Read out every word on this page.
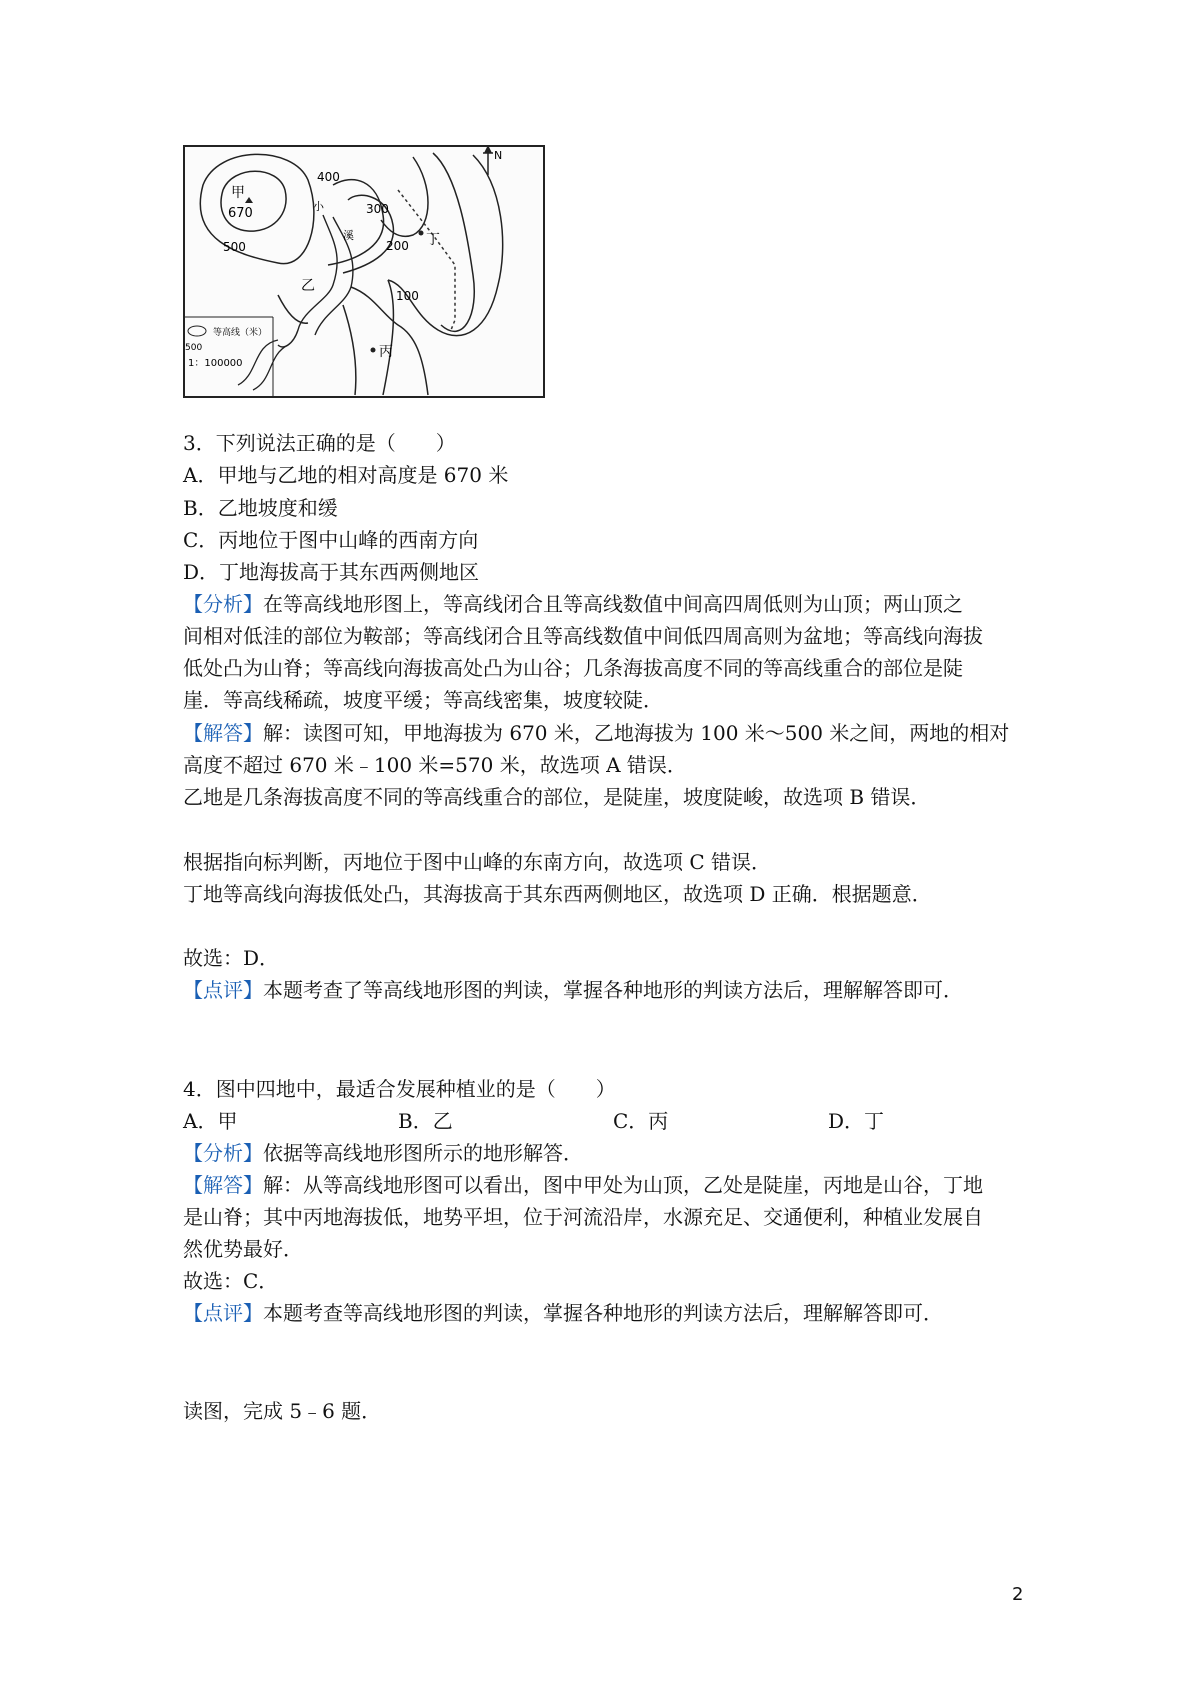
N
甲
670
400
300
200
100
500
小
溪	丁
乙
丙
500
等高线（米）
1：100000
3．下列说法正确的是（　　）
A．甲地与乙地的相对高度是 670 米
B．乙地坡度和缓
C．丙地位于图中山峰的西南方向
D．丁地海拔高于其东西两侧地区
【分析】在等高线地形图上，等高线闭合且等高线数值中间高四周低则为山顶；两山顶之
间相对低洼的部位为鞍部；等高线闭合且等高线数值中间低四周高则为盆地；等高线向海拔
低处凸为山脊；等高线向海拔高处凸为山谷；几条海拔高度不同的等高线重合的部位是陡
崖．等高线稀疏，坡度平缓；等高线密集，坡度较陡．
【解答】解：读图可知，甲地海拔为 670 米，乙地海拔为 100 米～500 米之间，两地的相对
高度不超过 670 米﹣100 米=570 米，故选项 A 错误．
乙地是几条海拔高度不同的等高线重合的部位，是陡崖，坡度陡峻，故选项 B 错误．
根据指向标判断，丙地位于图中山峰的东南方向，故选项 C 错误．
丁地等高线向海拔低处凸，其海拔高于其东西两侧地区，故选项 D 正确．根据题意．
故选：D．
【点评】本题考查了等高线地形图的判读，掌握各种地形的判读方法后，理解解答即可．
4．图中四地中，最适合发展种植业的是（　　）
A．甲	B．乙	C．丙	D．丁
【分析】依据等高线地形图所示的地形解答．
【解答】解：从等高线地形图可以看出，图中甲处为山顶，乙处是陡崖，丙地是山谷，丁地
是山脊；其中丙地海拔低，地势平坦，位于河流沿岸，水源充足、交通便利，种植业发展自
然优势最好．
故选：C．
【点评】本题考查等高线地形图的判读，掌握各种地形的判读方法后，理解解答即可．
读图，完成 5﹣6 题．
2
